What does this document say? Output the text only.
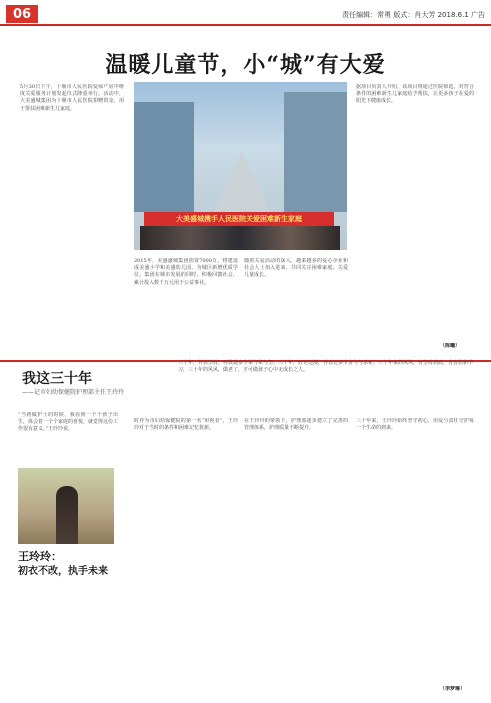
06	责任编辑：常勇 版式：肖大芳 2018.6.1 广告
温暖儿童节，小“城”有大爱
5月30日下午，十堰市人民医院爱保产房中维度关爱服务计划发起仪式隆重举行。活动中，大美盛城集团为十堰市人民医院捐赠资金，用于帮扶困难新生儿家庭。
大美盛城携手人民医院关爱困难新生家庭
据项目负责人介绍，该项目将通过医院筛选，对符合条件的困难新生儿家庭给予帮扶，让更多孩子在爱的阳光下健康成长。
2015年，美盛盛城集团捐资7000万，将建设成美盛小学和美盛幼儿园，为城区新增优质学位。集团在城市发展的同时，积极回馈社会，累计投入数千万元用于公益事业。
随着关爱活动的深入，越来越多的爱心企业和社会人士加入进来，共同关注困难家庭、关爱儿童成长。
（陈曦）
我这三十年
——记市妇幼保健院护理部主任王玲玲
三十年，外表坚持，再教她多少荣与荣与坚；三十年，好老还漫，外表还多少舍与与求索。三十年来的风风，有坚持到底，有喜怒和学习，三十年的风风，做老了，才可做孩子心中无成长之人。
“当初做护士的时候，我看到一个个孩子出生，体会着一个个家庭的喜悦，就觉得这份工作很有意义。”王玲玲说。
王玲玲：
初衣不改，执手未来
时作为市妇幼保健院的第一名“审视者”，王玲玲对于当时的条件和困难记忆犹新。
在王玲玲的带领下，护理部逐步建立了完善的管理体系，护理质量不断提升。
三十年来，王玲玲始终坚守初心，用爱与责任守护每一个生命的到来。
（李梦琳）
